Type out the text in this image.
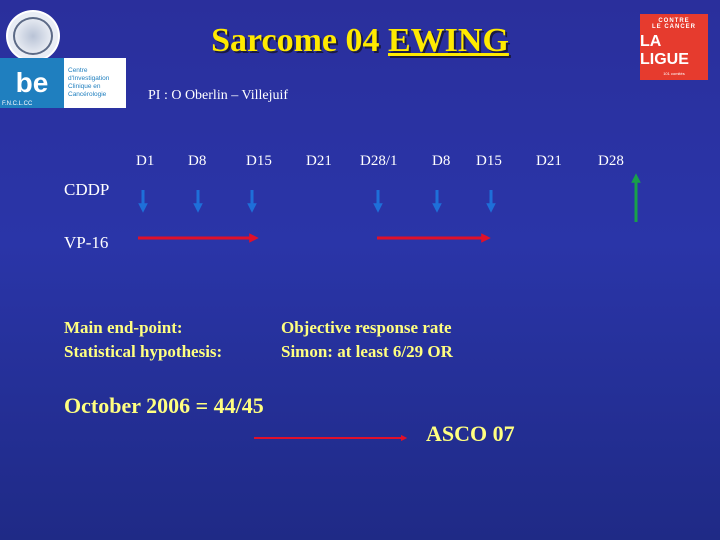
be
F.N.C.L.CC
Centre
d'Investigation
Clinique en
Cancérologie
CONTRE
LE CANCER
LA LIGUE
101 comités
Sarcome 04 EWING
PI : O Oberlin – Villejuif
D1 D8	D15 D21 D28/1 D8 D15 D21 D28
CDDP
VP-16
Main end-point:
Statistical hypothesis:
Objective response rate
Simon: at least 6/29 OR
October 2006 = 44/45
ASCO 07
